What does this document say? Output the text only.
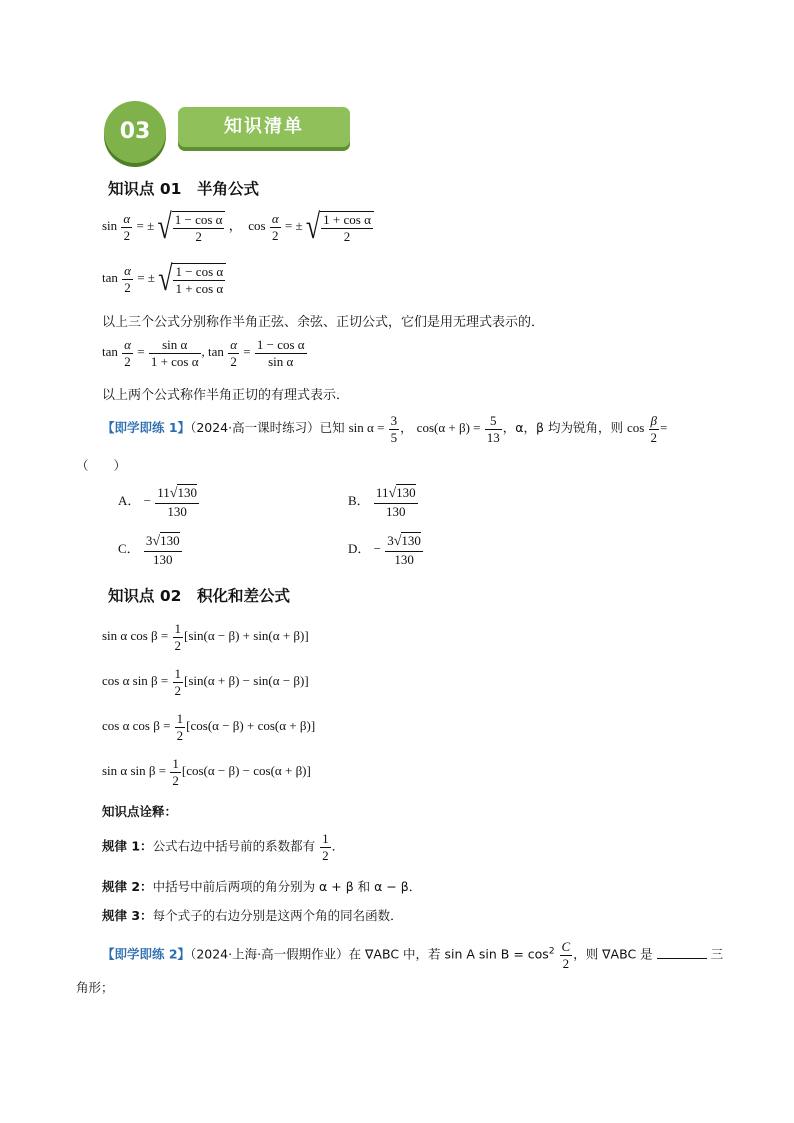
03	知识清单
知识点 01　半角公式
$\sin \frac{\alpha}{2}$ = ± √ $\frac{\text{1 − cos α}}{2}$ ， $\cos \frac{\alpha}{2}$ = ± √ $\frac{\text{1 + cos α}}{2}$
$\tan \frac{\alpha}{2}$ = ± √ $\frac{\text{1 − cos α}}{\text{1 + cos α}}$
以上三个公式分别称作半角正弦、余弦、正切公式，它们是用无理式表示的．
$\tan \frac{\alpha}{2} = \frac{\text{sin α}}{\text{1 + cos α}}$ , $\tan \frac{\alpha}{2} = \frac{\text{1 − cos α}}{\text{sin α}}$
以上两个公式称作半角正切的有理式表示．
【即学即练 1】（2024·高一课时练习）已知 $\sin \alpha = \frac{3}{5}$ ， $\cos(\alpha + \beta) = \frac{5}{13}$ ，α，β 均为锐角，则 $\cos \frac{\beta}{2}$ =
（　　）
A． − $\frac{11√130}{130}$	B． $\frac{11√130}{130}$
C． $\frac{3√130}{130}$	D． − $\frac{3√130}{130}$
知识点 02　积化和差公式
sin α $\cos \beta = \frac{1}{2} [\sin(\alpha - \beta) + \sin(\alpha + \beta)]$
cos α $\sin \beta = \frac{1}{2} [\sin(\alpha + \beta) - \sin(\alpha - \beta)]$
cos α $\cos \beta = \frac{1}{2} [\cos(\alpha - \beta) + \cos(\alpha + \beta)]$
sin α $\sin \beta = \frac{1}{2} [\cos(\alpha - \beta) - \cos(\alpha + \beta)]$
知识点诠释：
规律 1：公式右边中括号前的系数都有 $\frac{1}{2}$ ．
规律 2：中括号中前后两项的角分别为 α + β 和 α − β．
规律 3：每个式子的右边分别是这两个角的同名函数．
【即学即练 2】（2024·上海·高一假期作业）在 ∇ABC 中，若 sin A $\sin B = \cos^2 \frac{C}{2}$ ，则 ∇ABC 是	三
角形；
